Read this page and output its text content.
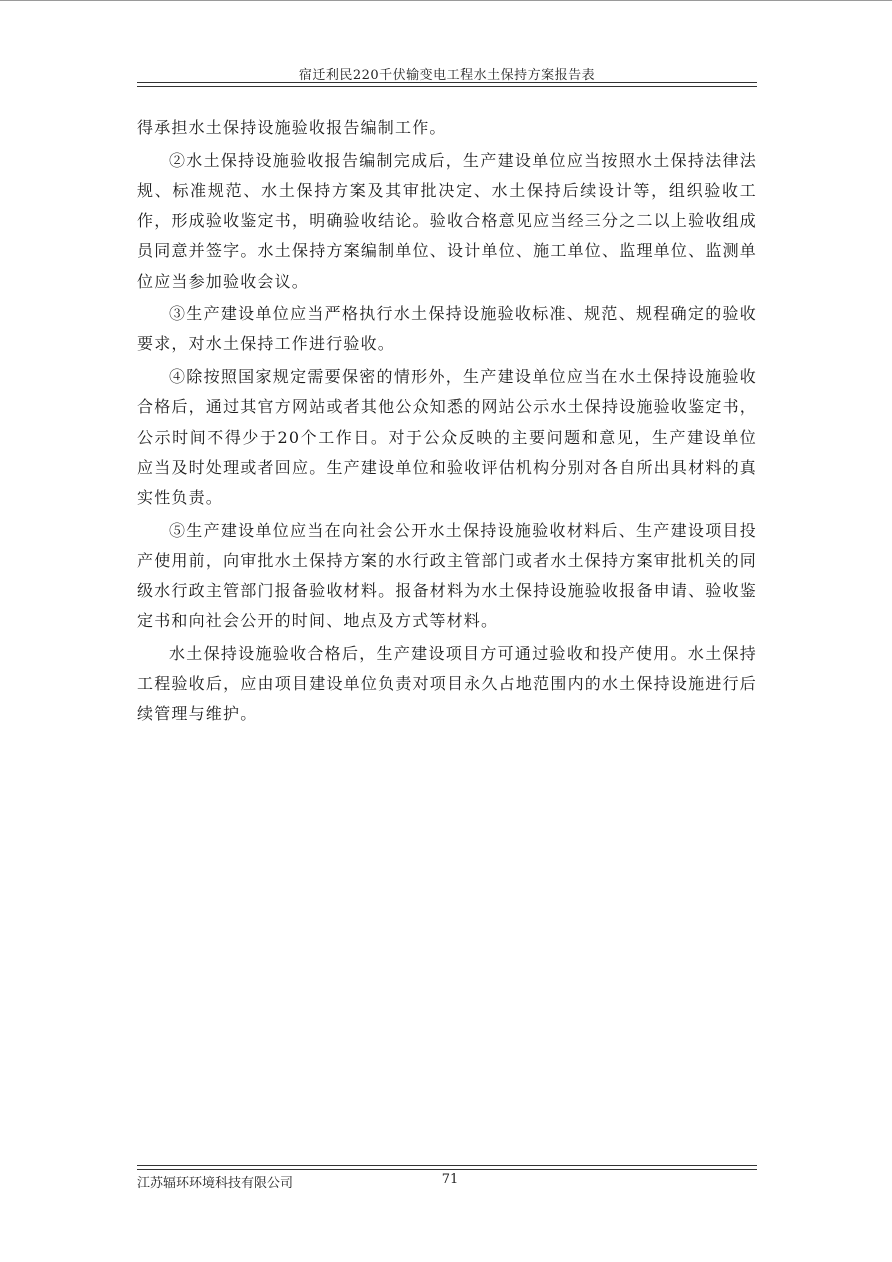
宿迁利民220千伏输变电工程水土保持方案报告表

得承担水土保持设施验收报告编制工作。

②水土保持设施验收报告编制完成后，生产建设单位应当按照水土保持法律法规、标准规范、水土保持方案及其审批决定、水土保持后续设计等，组织验收工作，形成验收鉴定书，明确验收结论。验收合格意见应当经三分之二以上验收组成员同意并签字。水土保持方案编制单位、设计单位、施工单位、监理单位、监测单位应当参加验收会议。

③生产建设单位应当严格执行水土保持设施验收标准、规范、规程确定的验收要求，对水土保持工作进行验收。

④除按照国家规定需要保密的情形外，生产建设单位应当在水土保持设施验收合格后，通过其官方网站或者其他公众知悉的网站公示水土保持设施验收鉴定书，公示时间不得少于20个工作日。对于公众反映的主要问题和意见，生产建设单位应当及时处理或者回应。生产建设单位和验收评估机构分别对各自所出具材料的真实性负责。

⑤生产建设单位应当在向社会公开水土保持设施验收材料后、生产建设项目投产使用前，向审批水土保持方案的水行政主管部门或者水土保持方案审批机关的同级水行政主管部门报备验收材料。报备材料为水土保持设施验收报备申请、验收鉴定书和向社会公开的时间、地点及方式等材料。

水土保持设施验收合格后，生产建设项目方可通过验收和投产使用。水土保持工程验收后，应由项目建设单位负责对项目永久占地范围内的水土保持设施进行后续管理与维护。

江苏辐环环境科技有限公司	71
